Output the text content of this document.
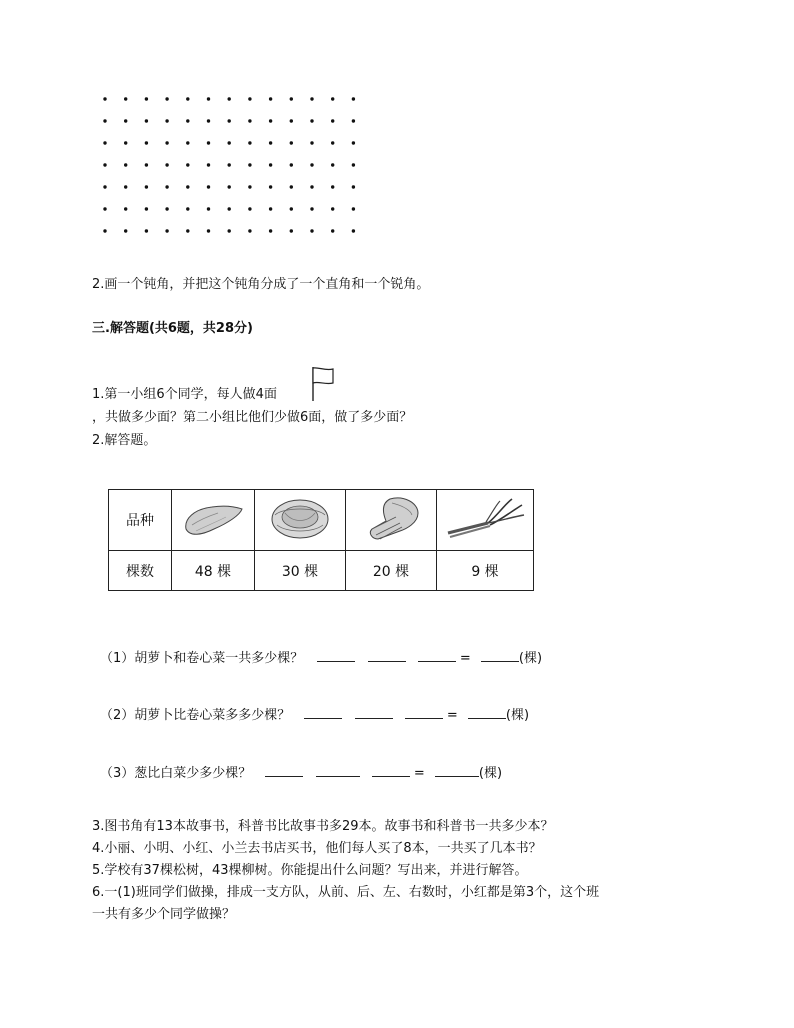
2.画一个钝角，并把这个钝角分成了一个直角和一个锐角。
三.解答题(共6题，共28分)
1.第一小组6个同学，每人做4面
，共做多少面？第二小组比他们少做6面，做了多少面？
2.解答题。
品种				
棵数	48 棵	30 棵	20 棵	9 棵
（1）胡萝卜和卷心菜一共多少棵？	=	(棵)
（2）胡萝卜比卷心菜多多少棵？	=	(棵)
（3）葱比白菜少多少棵？	=	(棵)
3.图书角有13本故事书，科普书比故事书多29本。故事书和科普书一共多少本？
4.小丽、小明、小红、小兰去书店买书，他们每人买了8本，一共买了几本书？
5.学校有37棵松树，43棵柳树。你能提出什么问题？写出来，并进行解答。
6.一(1)班同学们做操，排成一支方队，从前、后、左、右数时，小红都是第3个，这个班
一共有多少个同学做操？
